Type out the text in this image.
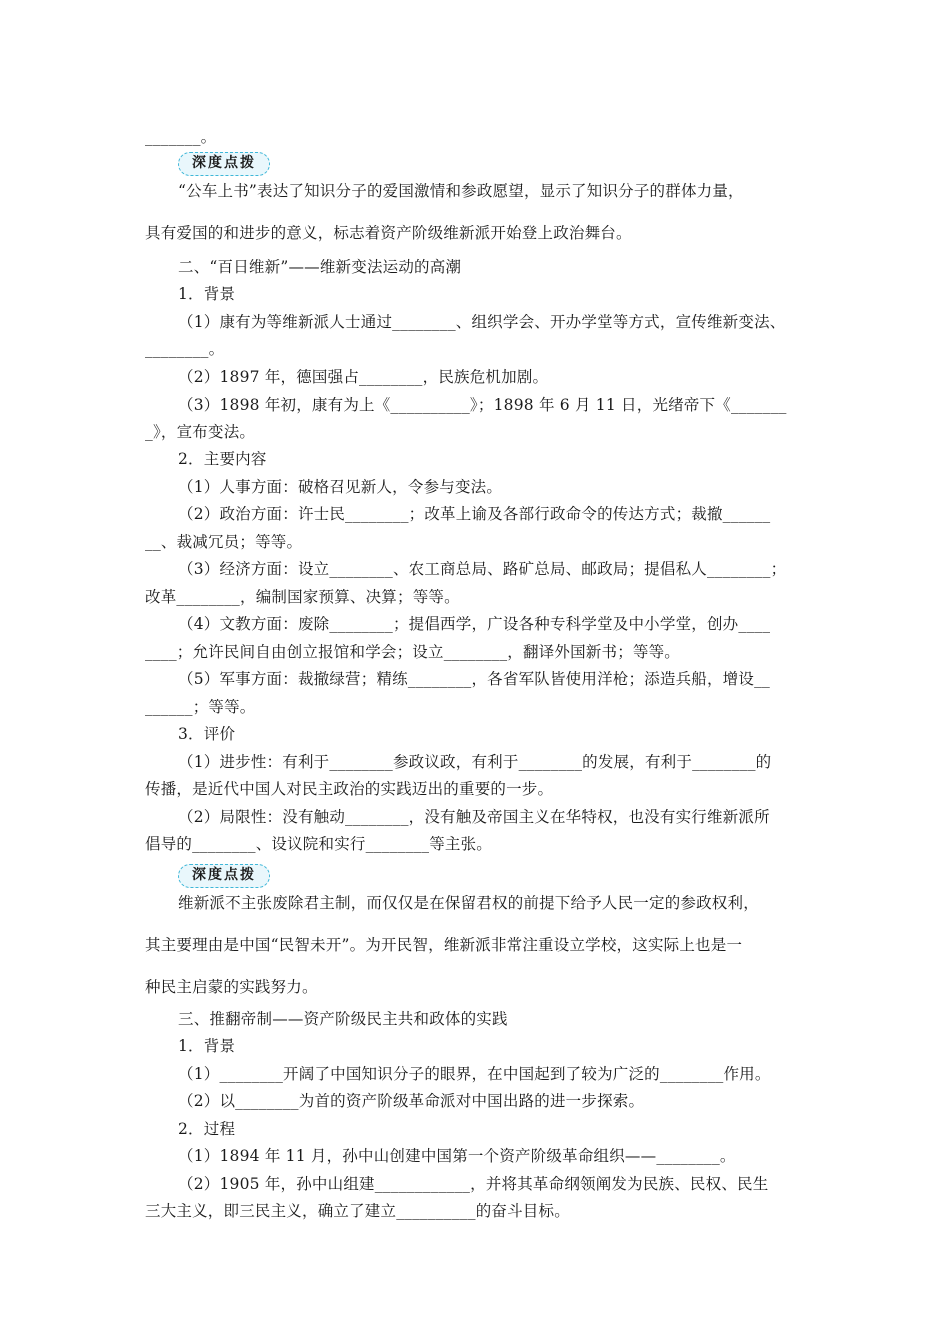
_______。
深度点拨
“公车上书”表达了知识分子的爱国激情和参政愿望，显示了知识分子的群体力量，
具有爱国的和进步的意义，标志着资产阶级维新派开始登上政治舞台。
二、“百日维新”——维新变法运动的高潮
1．背景
（1）康有为等维新派人士通过________、组织学会、开办学堂等方式，宣传维新变法、
________。
（2）1897 年，德国强占________，民族危机加剧。
（3）1898 年初，康有为上《__________》；1898 年 6 月 11 日，光绪帝下《_______
_》，宣布变法。
2．主要内容
（1）人事方面：破格召见新人，令参与变法。
（2）政治方面：许士民________；改革上谕及各部行政命令的传达方式；裁撤______
__、裁减冗员；等等。
（3）经济方面：设立________、农工商总局、路矿总局、邮政局；提倡私人________；
改革________，编制国家预算、决算；等等。
（4）文教方面：废除________；提倡西学，广设各种专科学堂及中小学堂，创办____
____；允许民间自由创立报馆和学会；设立________，翻译外国新书；等等。
（5）军事方面：裁撤绿营；精练________，各省军队皆使用洋枪；添造兵船，增设__
______；等等。
3．评价
（1）进步性：有利于________参政议政，有利于________的发展，有利于________的
传播，是近代中国人对民主政治的实践迈出的重要的一步。
（2）局限性：没有触动________，没有触及帝国主义在华特权，也没有实行维新派所
倡导的________、设议院和实行________等主张。
深度点拨
维新派不主张废除君主制，而仅仅是在保留君权的前提下给予人民一定的参政权利，
其主要理由是中国“民智未开”。为开民智，维新派非常注重设立学校，这实际上也是一
种民主启蒙的实践努力。
三、推翻帝制——资产阶级民主共和政体的实践
1．背景
（1）________开阔了中国知识分子的眼界，在中国起到了较为广泛的________作用。
（2）以________为首的资产阶级革命派对中国出路的进一步探索。
2．过程
（1）1894 年 11 月，孙中山创建中国第一个资产阶级革命组织——________。
（2）1905 年，孙中山组建____________，并将其革命纲领阐发为民族、民权、民生
三大主义，即三民主义，确立了建立__________的奋斗目标。
